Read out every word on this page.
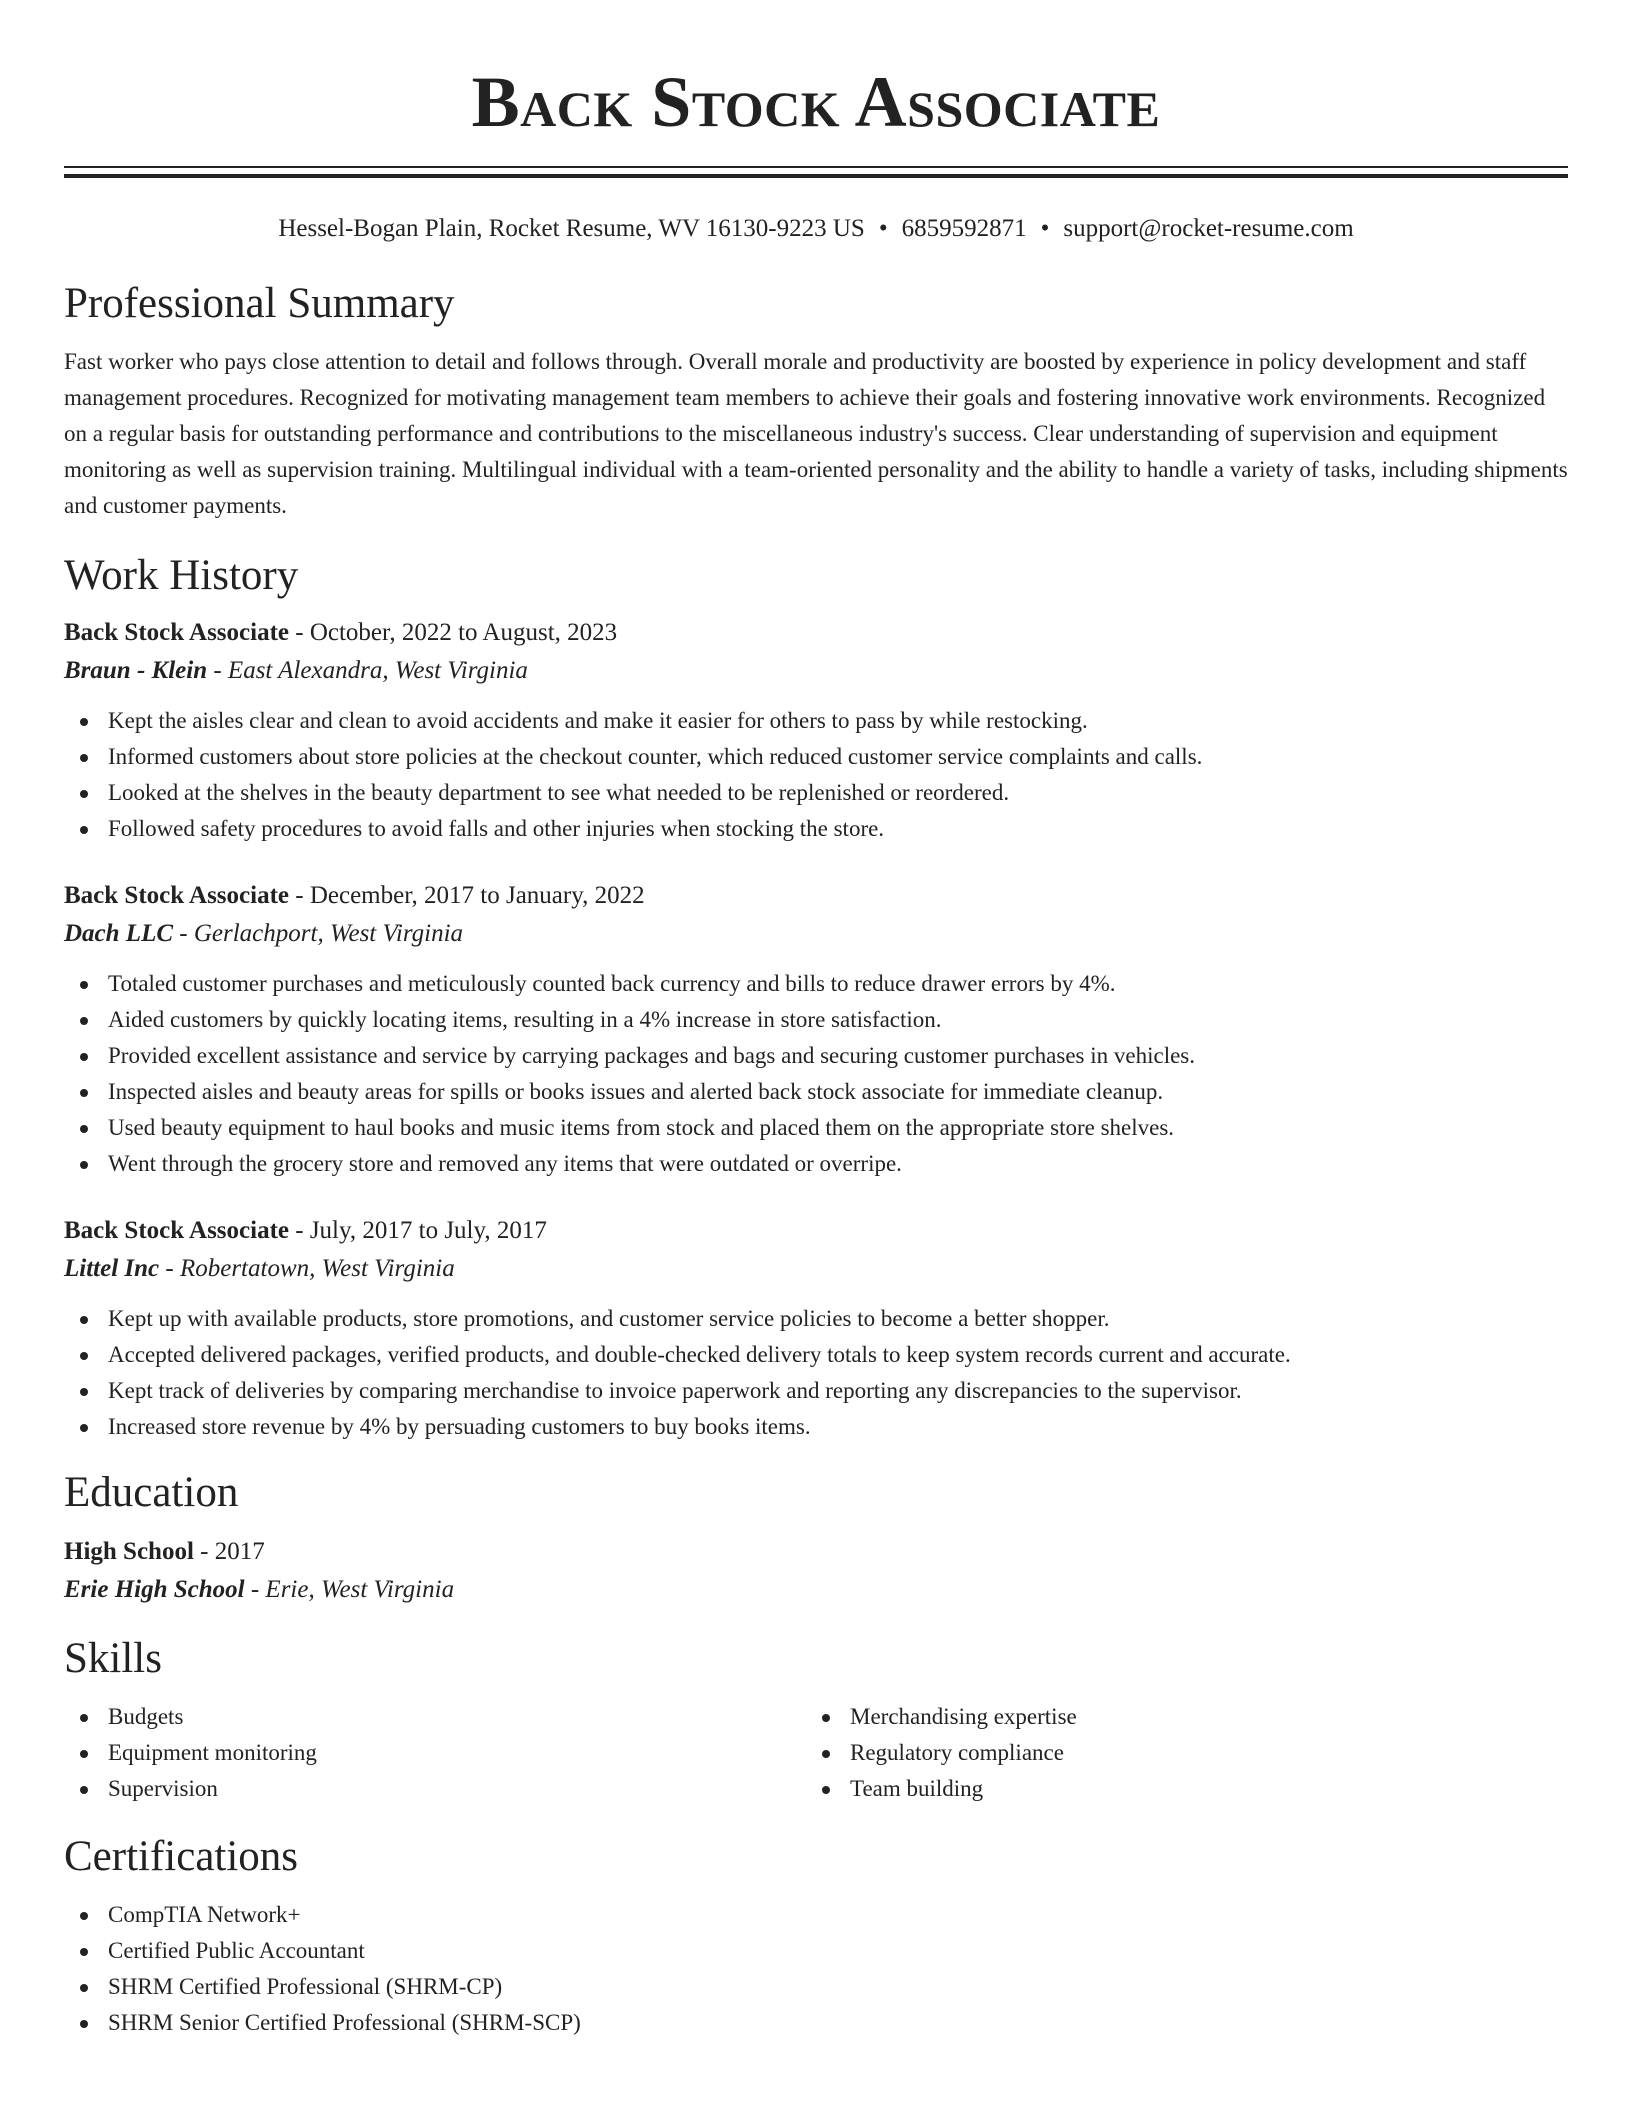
Back Stock Associate
Hessel-Bogan Plain, Rocket Resume, WV 16130-9223 US • 6859592871 • support@rocket-resume.com
Professional Summary

Fast worker who pays close attention to detail and follows through. Overall morale and productivity are boosted by experience in policy development and staff management procedures. Recognized for motivating management team members to achieve their goals and fostering innovative work environments. Recognized on a regular basis for outstanding performance and contributions to the miscellaneous industry's success. Clear understanding of supervision and equipment monitoring as well as supervision training. Multilingual individual with a team-oriented personality and the ability to handle a variety of tasks, including shipments and customer payments.

Work History
Back Stock Associate - October, 2022 to August, 2023
Braun - Klein - East Alexandra, West Virginia
Kept the aisles clear and clean to avoid accidents and make it easier for others to pass by while restocking.
Informed customers about store policies at the checkout counter, which reduced customer service complaints and calls.
Looked at the shelves in the beauty department to see what needed to be replenished or reordered.
Followed safety procedures to avoid falls and other injuries when stocking the store.
Back Stock Associate - December, 2017 to January, 2022
Dach LLC - Gerlachport, West Virginia
Totaled customer purchases and meticulously counted back currency and bills to reduce drawer errors by 4%.
Aided customers by quickly locating items, resulting in a 4% increase in store satisfaction.
Provided excellent assistance and service by carrying packages and bags and securing customer purchases in vehicles.
Inspected aisles and beauty areas for spills or books issues and alerted back stock associate for immediate cleanup.
Used beauty equipment to haul books and music items from stock and placed them on the appropriate store shelves.
Went through the grocery store and removed any items that were outdated or overripe.
Back Stock Associate - July, 2017 to July, 2017
Littel Inc - Robertatown, West Virginia
Kept up with available products, store promotions, and customer service policies to become a better shopper.
Accepted delivered packages, verified products, and double-checked delivery totals to keep system records current and accurate.
Kept track of deliveries by comparing merchandise to invoice paperwork and reporting any discrepancies to the supervisor.
Increased store revenue by 4% by persuading customers to buy books items.
Education
High School - 2017
Erie High School - Erie, West Virginia
Skills
Budgets
Equipment monitoring
Supervision
Merchandising expertise
Regulatory compliance
Team building
Certifications
CompTIA Network+
Certified Public Accountant
SHRM Certified Professional (SHRM-CP)
SHRM Senior Certified Professional (SHRM-SCP)
